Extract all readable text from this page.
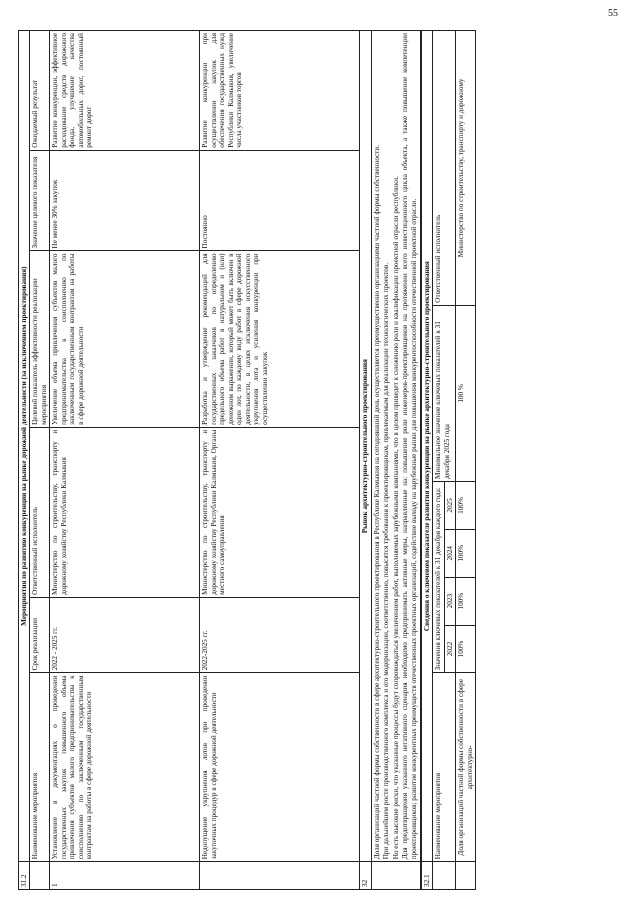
55
31.2	Мероприятия по развитию конкуренции на рынке дорожной деятельности (за исключением проектирования)					
	Наименование мероприятия	Срок реализации	Ответственный исполнитель	Целевой показатель эффективности реализации мероприятия	Значение целевого показателя	Ожидаемый результат
1	Установление в документациях о проведении государственных закупок повышенного объема привлечения субъектов малого предпринимательства к соисполнению по заключенным государственным контрактам на работы в сфере дорожной деятельности	2022 - 2025 гг.	Министерство по строительству, транспорту и дорожному хозяйству Республики Калмыкия	Увеличение объема привлечения субъектов малого предпринимательства к соисполнению по заключенным государственным контрактам на работы в сфере дорожной деятельности	Не менее 30% закупок	Развитие конкуренции, эффективное расходование средств дорожного фонда, улучшение качества автомобильных дорог, постоянный ремонт дорог
	Недопущение укрупнения лотов при проведении закупочных процедур в сфере дорожной деятельности	2022-2025 гг.	Министерство по строительству, транспорту и дорожному хозяйству Республики Калмыкия, Органы местного самоуправления	Разработка и утверждение рекомендаций для государственных заказчиков по определению предельного объема работ в натуральном и (или) денежном выражении, который может быть включен в один лот, по каждому виду работ в сфере дорожной деятельности, в целях исключения искусственного укрупнения лота и усиления конкуренции при осуществлении закупок	Постоянно	Развитие конкуренции при осуществлении закупок для обеспечения государственных нужд Республики Калмыкия, увеличение числа участников торгов
32	Рынок архитектурно-строительного проектирования					

	Доля организаций частной формы собственности в сфере архитектурно-строительного проектирования в Республике Калмыкия на сегодняшний день осуществляется преимущественно организациями частной формы собственности. При дальнейшем росте производственного комплекса и его модернизации, соответственно, повысятся требования к проектировщикам, привлекаемым для реализации технологических проектов. Но есть высокие риски, что указанные процессы будут сопровождаться увеличением работ, выполняемых зарубежными компаниями, что в целом приведет к снижению роли и квалификации проектной отрасли республики. Для предотвращения указанного негативного сценария необходимо предпринимать активные меры, направленные на: повышение роли инженеров-проектировщиков на протяжении всего инвестиционного цикла объекта, а также повышение компетенции проектировщиков; развитие конкурентных преимуществ отечественных проектных организаций, содействие выходу на зарубежные рынки для повышения конкурентоспособности отечественной проектной отрасли.					

32.1	Сведения о ключевом показателе развития конкуренции на рынке архитектурно-строительного проектирования						
	Наименование мероприятия	Значения ключевых показателей к 31 декабря каждого года:				Минимальное значение ключевых показателей к 31 декабря 2025 года	Ответственный исполнитель
		2022	2023	2024	2025		
	Доля организаций частной формы собственности в сфере архитектурно-	100%	100%	100%	100%	100 %	Министерство по строительству, транспорту и дорожному
